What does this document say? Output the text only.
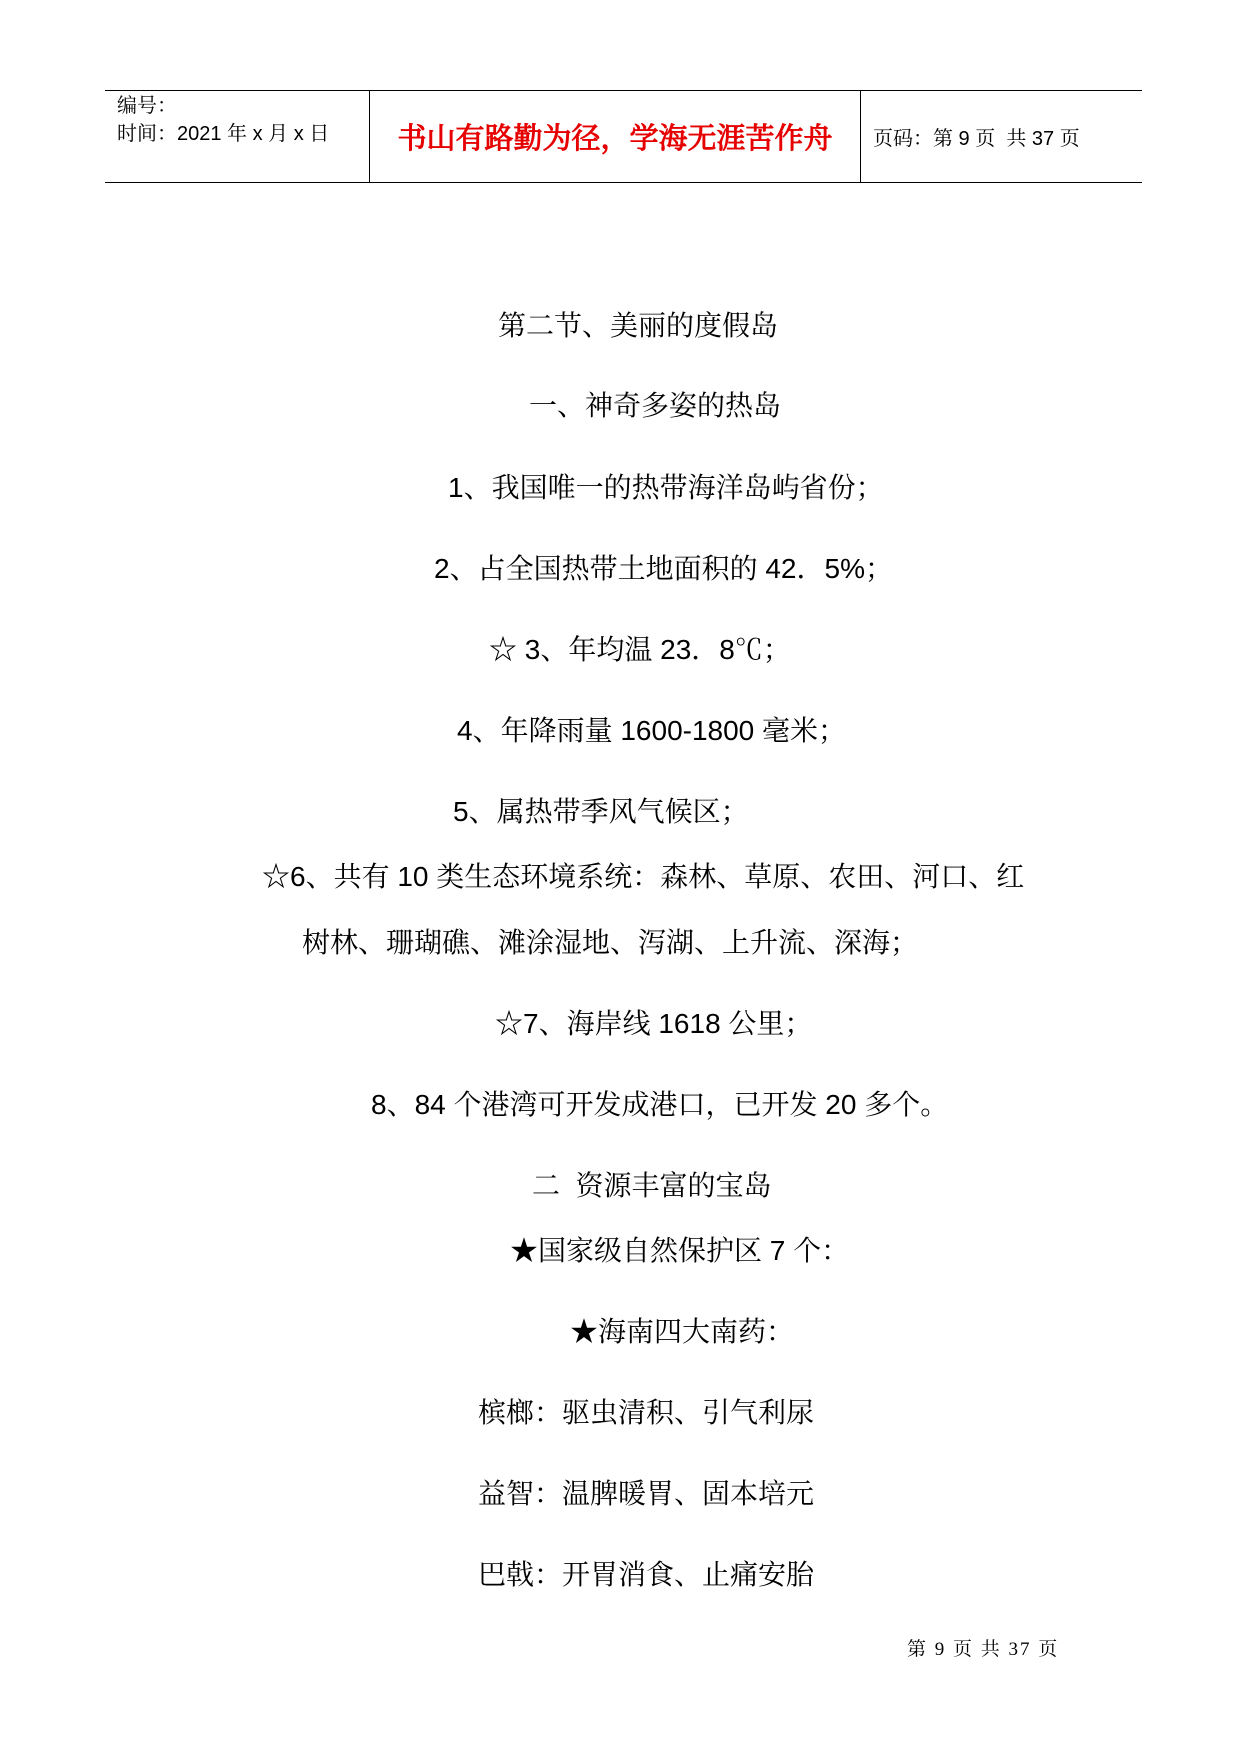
编号：
时间：2021 年 x 月 x 日 书山有路勤为径，学海无涯苦作舟 页码：第 9 页  共 37 页
第二节、美丽的度假岛
一、神奇多姿的热岛
1、我国唯一的热带海洋岛屿省份；
2、占全国热带土地面积的 42．5%；
☆ 3、年均温 23．8℃；
4、年降雨量 1600-1800 毫米；
5、属热带季风气候区；
☆6、共有 10 类生态环境系统：森林、草原、农田、河口、红
树林、珊瑚礁、滩涂湿地、泻湖、上升流、深海；
☆7、海岸线 1618 公里；
8、84 个港湾可开发成港口，已开发 20 多个。
二  资源丰富的宝岛
★国家级自然保护区 7 个：
★海南四大南药：
槟榔：驱虫清积、引气利尿
益智：温脾暖胃、固本培元
巴戟：开胃消食、止痛安胎
第 9 页 共 37 页
